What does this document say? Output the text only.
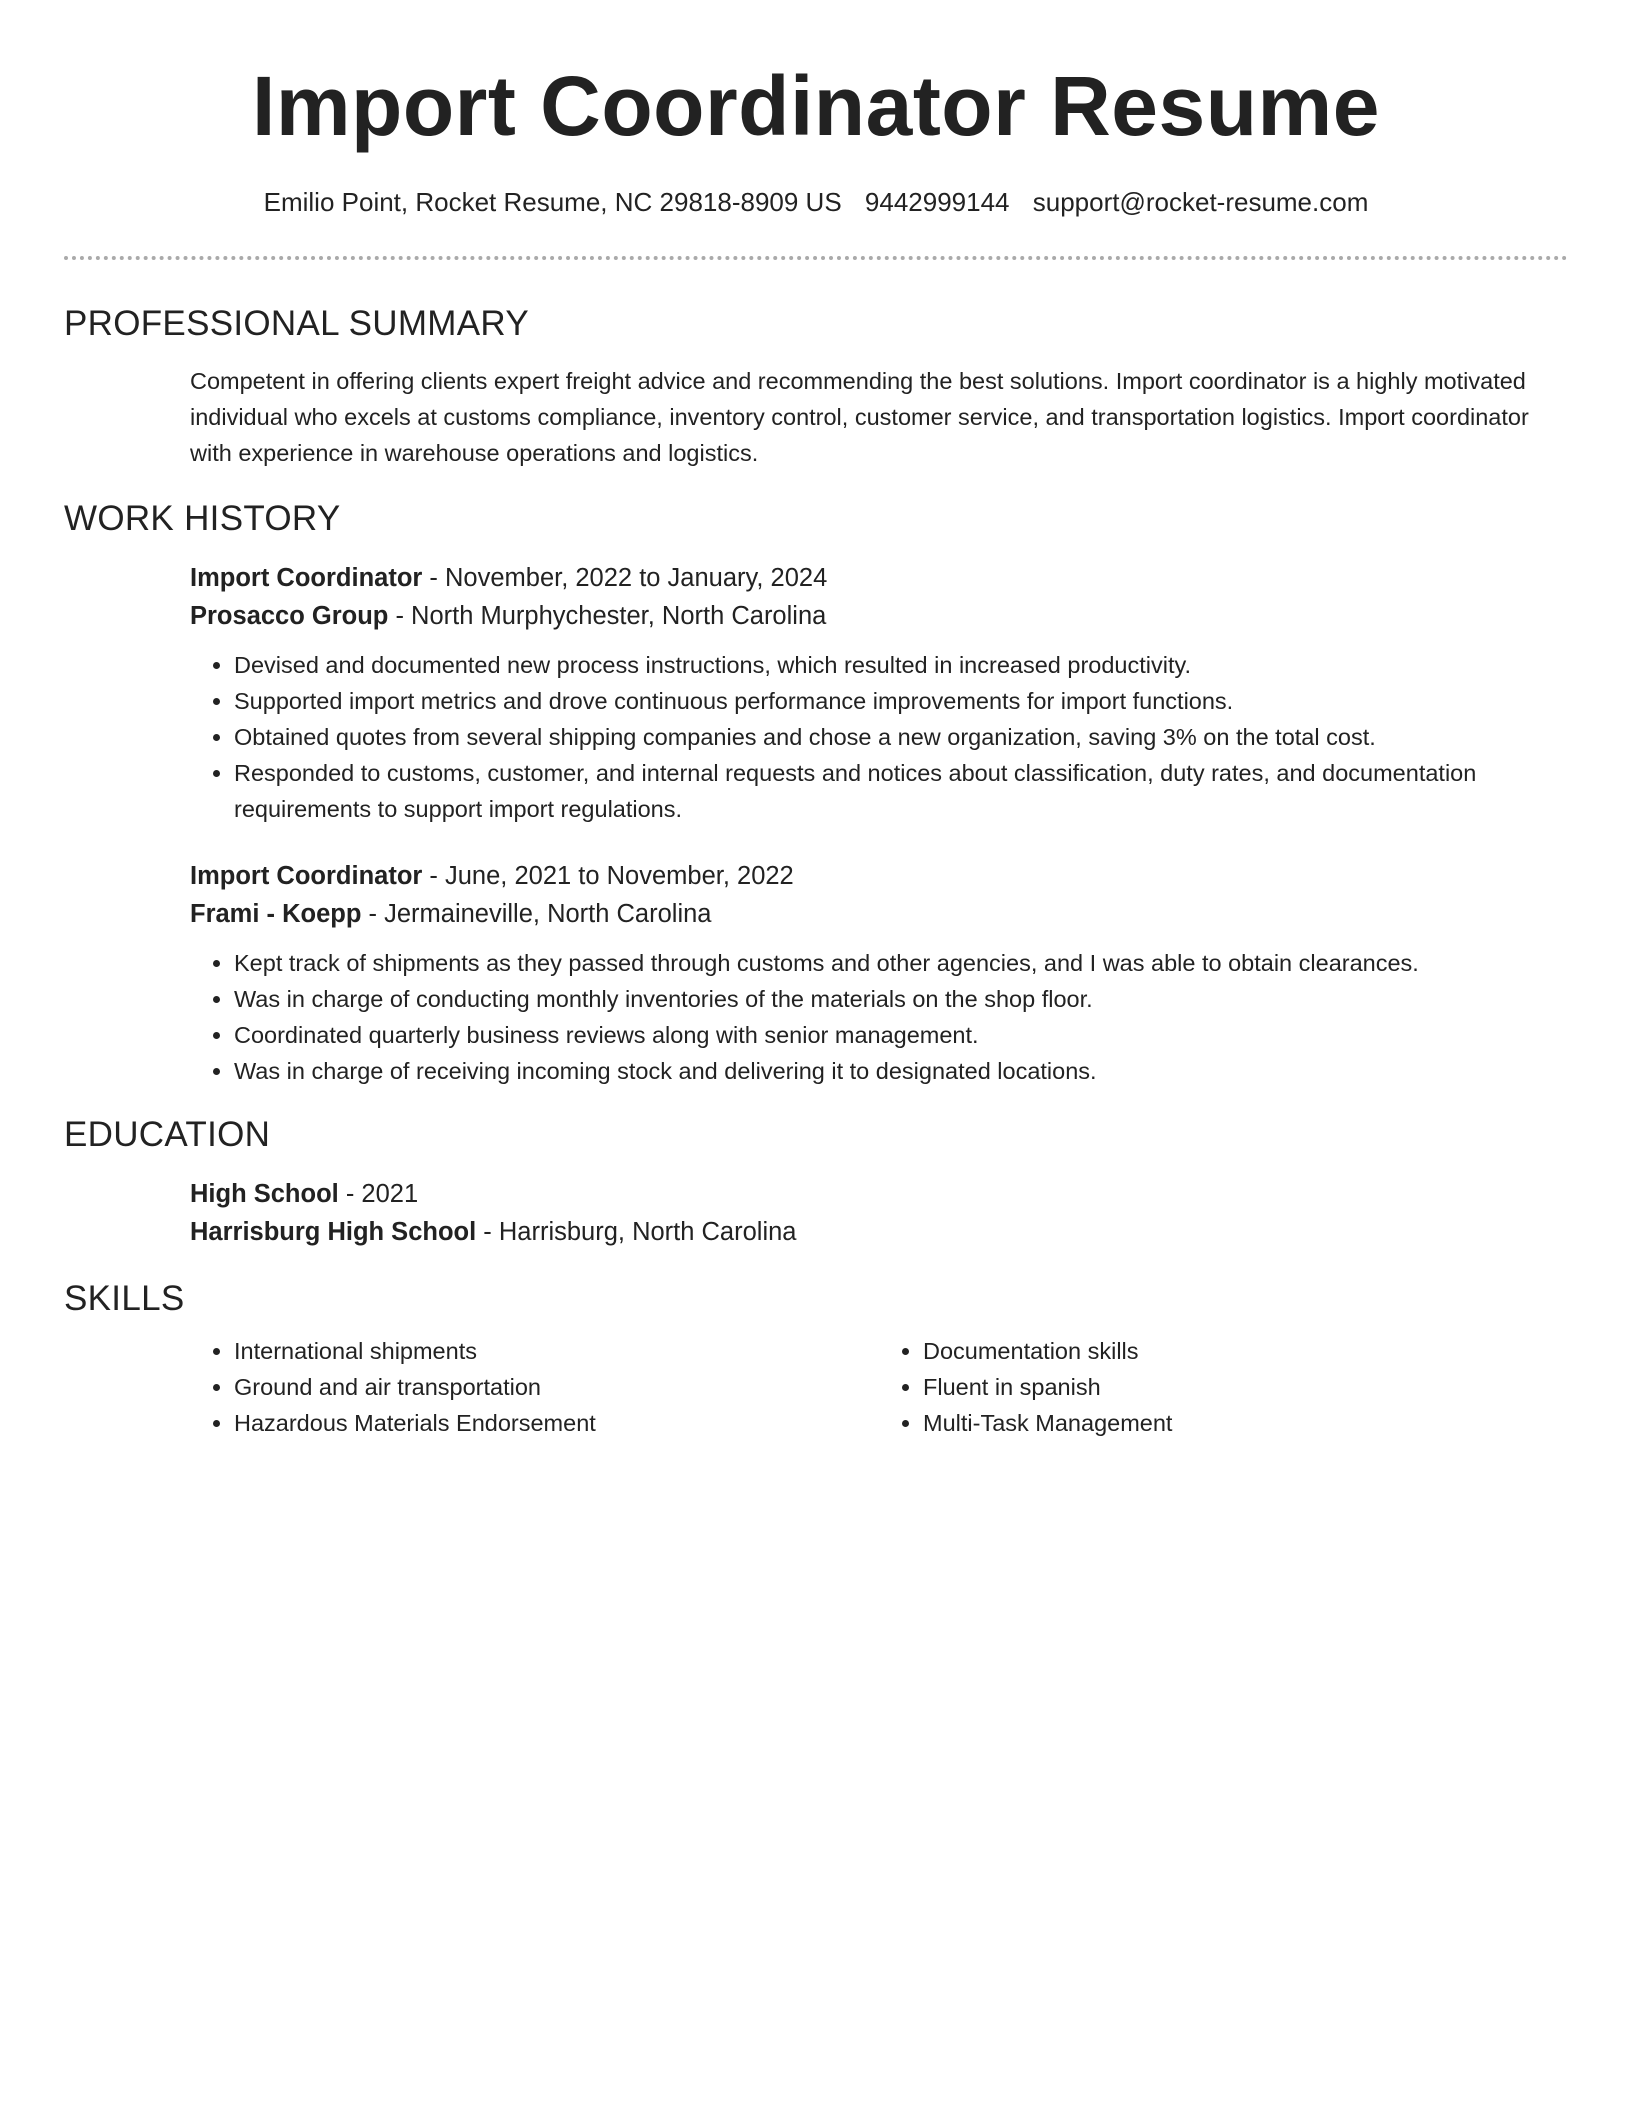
Import Coordinator Resume
Emilio Point, Rocket Resume, NC 29818-8909 US 9442999144 support@rocket-resume.com
PROFESSIONAL SUMMARY

Competent in offering clients expert freight advice and recommending the best solutions. Import coordinator is a highly motivated individual who excels at customs compliance, inventory control, customer service, and transportation logistics. Import coordinator with experience in warehouse operations and logistics.

WORK HISTORY

Import Coordinator - November, 2022 to January, 2024

Prosacco Group - North Murphychester, North Carolina

• Devised and documented new process instructions, which resulted in increased productivity.
• Supported import metrics and drove continuous performance improvements for import functions.
• Obtained quotes from several shipping companies and chose a new organization, saving 3% on the total cost.
• Responded to customs, customer, and internal requests and notices about classification, duty rates, and documentation requirements to support import regulations.

Import Coordinator - June, 2021 to November, 2022

Frami - Koepp - Jermaineville, North Carolina

• Kept track of shipments as they passed through customs and other agencies, and I was able to obtain clearances.
• Was in charge of conducting monthly inventories of the materials on the shop floor.
• Coordinated quarterly business reviews along with senior management.
• Was in charge of receiving incoming stock and delivering it to designated locations.
EDUCATION

High School - 2021

Harrisburg High School - Harrisburg, North Carolina

SKILLS
• International shipments
• Ground and air transportation
• Hazardous Materials Endorsement
• Documentation skills
• Fluent in spanish
• Multi-Task Management
